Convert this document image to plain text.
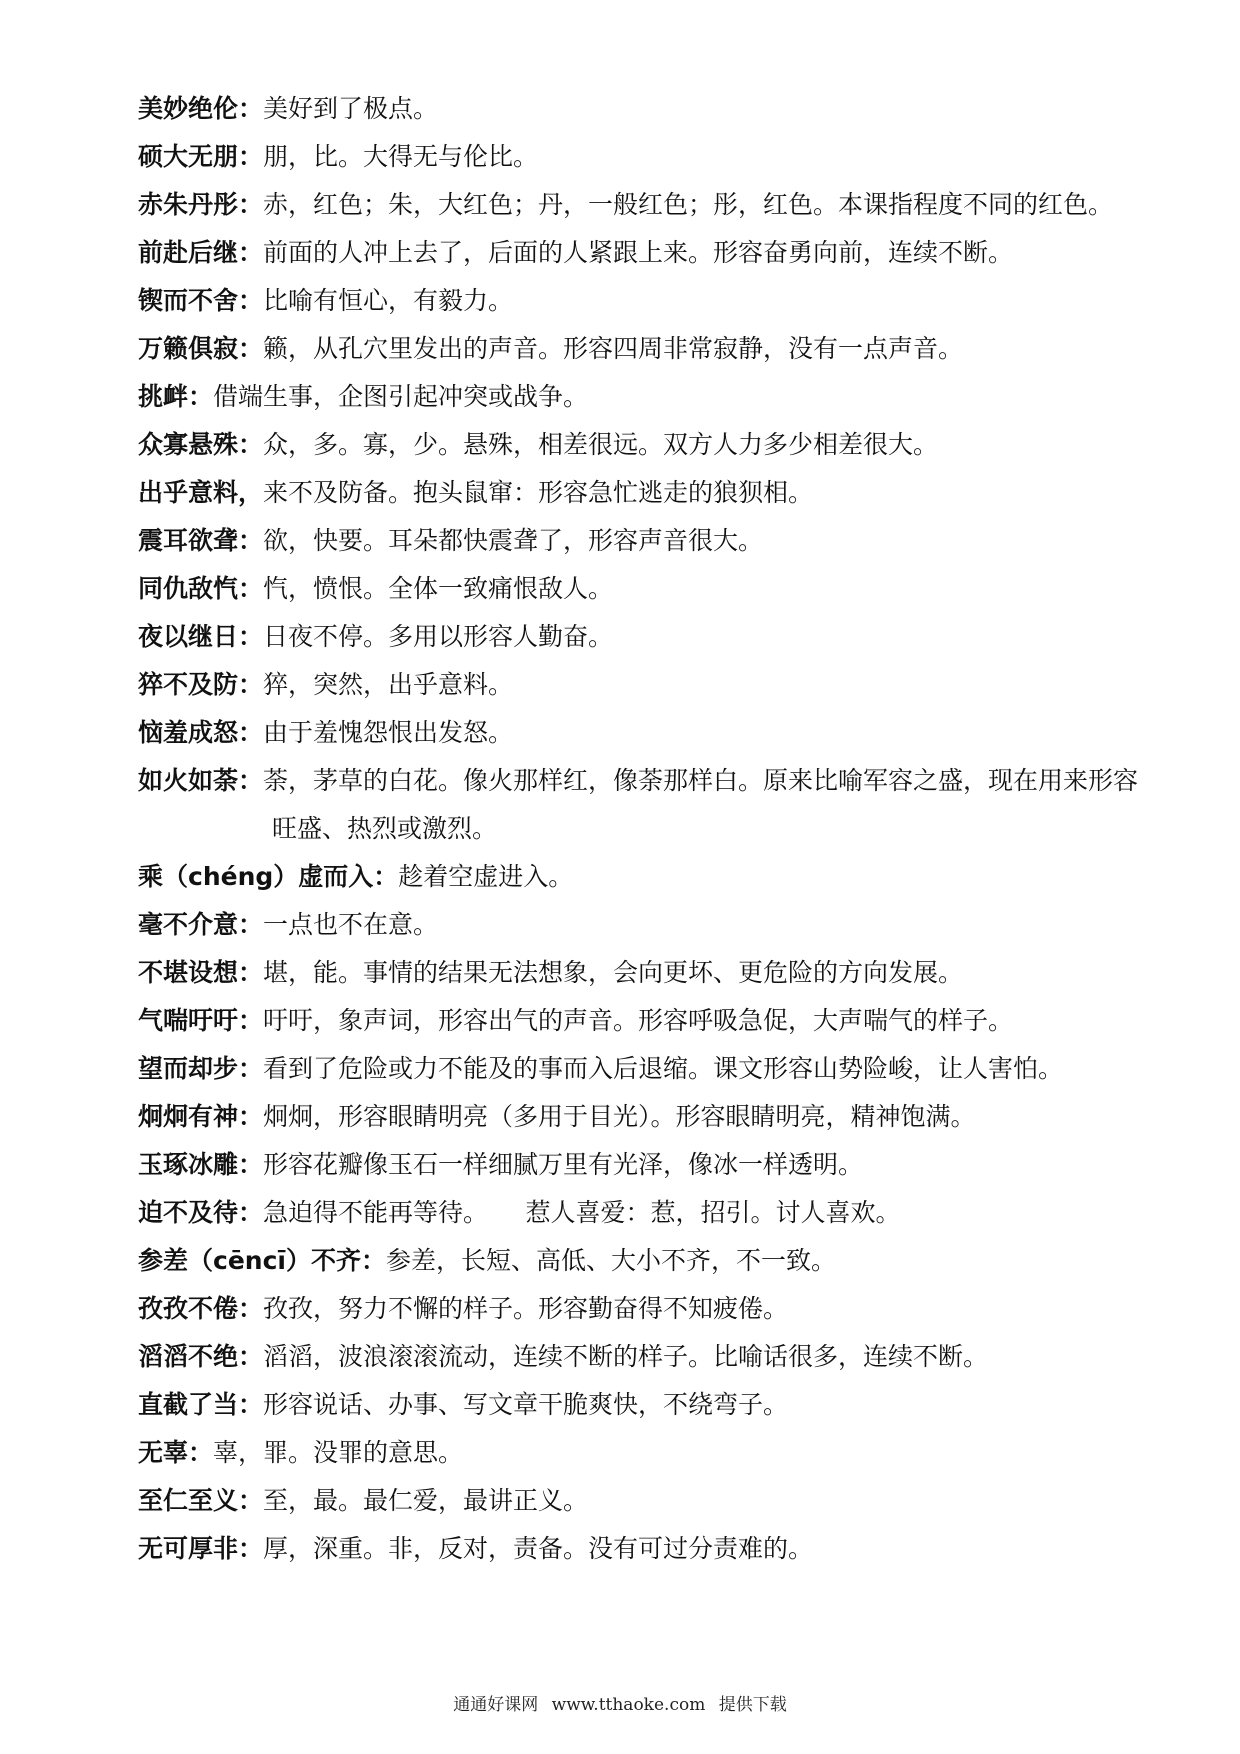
美妙绝伦：美好到了极点。
硕大无朋：朋，比。大得无与伦比。
赤朱丹彤：赤，红色；朱，大红色；丹，一般红色；彤，红色。本课指程度不同的红色。
前赴后继：前面的人冲上去了，后面的人紧跟上来。形容奋勇向前，连续不断。
锲而不舍：比喻有恒心，有毅力。
万籁俱寂：籁，从孔穴里发出的声音。形容四周非常寂静，没有一点声音。
挑衅：借端生事，企图引起冲突或战争。
众寡悬殊：众，多。寡，少。悬殊，相差很远。双方人力多少相差很大。
出乎意料，来不及防备。抱头鼠窜：形容急忙逃走的狼狈相。
震耳欲聋：欲，快要。耳朵都快震聋了，形容声音很大。
同仇敌忾：忾，愤恨。全体一致痛恨敌人。
夜以继日：日夜不停。多用以形容人勤奋。
猝不及防：猝，突然，出乎意料。
恼羞成怒：由于羞愧怨恨出发怒。
如火如荼：荼，茅草的白花。像火那样红，像荼那样白。原来比喻军容之盛，现在用来形容
旺盛、热烈或激烈。
乘（chéng）虚而入：趁着空虚进入。
毫不介意：一点也不在意。
不堪设想：堪，能。事情的结果无法想象，会向更坏、更危险的方向发展。
气喘吁吁：吁吁，象声词，形容出气的声音。形容呼吸急促，大声喘气的样子。
望而却步：看到了危险或力不能及的事而入后退缩。课文形容山势险峻，让人害怕。
炯炯有神：炯炯，形容眼睛明亮（多用于目光）。形容眼睛明亮，精神饱满。
玉琢冰雕：形容花瓣像玉石一样细腻万里有光泽，像冰一样透明。
迫不及待：急迫得不能再等待。　　惹人喜爱：惹，招引。讨人喜欢。
参差（cēncī）不齐：参差，长短、高低、大小不齐，不一致。
孜孜不倦：孜孜，努力不懈的样子。形容勤奋得不知疲倦。
滔滔不绝：滔滔，波浪滚滚流动，连续不断的样子。比喻话很多，连续不断。
直截了当：形容说话、办事、写文章干脆爽快，不绕弯子。
无辜：辜，罪。没罪的意思。
至仁至义：至，最。最仁爱，最讲正义。
无可厚非：厚，深重。非，反对，责备。没有可过分责难的。
通通好课网 www.tthaoke.com 提供下载
